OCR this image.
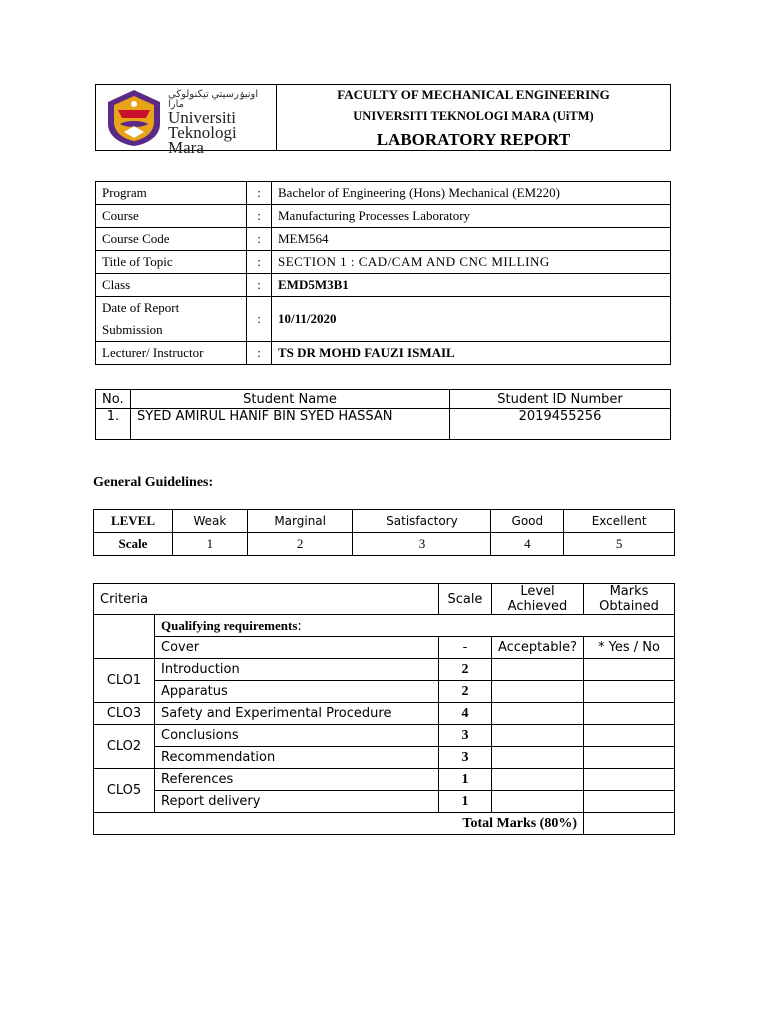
اونيۏرسيتي تيكنولوڬي مارا
Universiti
Teknologi
Mara

FACULTY OF MECHANICAL ENGINEERING
UNIVERSITI TEKNOLOGI MARA (UiTM)
LABORATORY REPORT
Program	:	Bachelor of Engineering (Hons) Mechanical (EM220)
Course	:	Manufacturing Processes Laboratory
Course Code	:	MEM564
Title of Topic	:	SECTION 1 : CAD/CAM AND CNC MILLING
Class	:	EMD5M3B1
Date of Report Submission	:	10/11/2020
Lecturer/ Instructor	:	TS DR MOHD FAUZI ISMAIL
No.	Student Name	Student ID Number
1.	SYED AMIRUL HANIF BIN SYED HASSAN	2019455256
General Guidelines:
LEVEL	Weak	Marginal	Satisfactory	Good	Excellent
Scale	1	2	3	4	5
Criteria		Scale	Level Achieved	Marks Obtained
	Qualifying requirements:			
	Cover	-	Acceptable?	* Yes / No
CLO1	Introduction	2		
	Apparatus	2		
CLO3	Safety and Experimental Procedure	4		
CLO2	Conclusions	3		
	Recommendation	3		
CLO5	References	1		
	Report delivery	1		
Total Marks (80%)				
